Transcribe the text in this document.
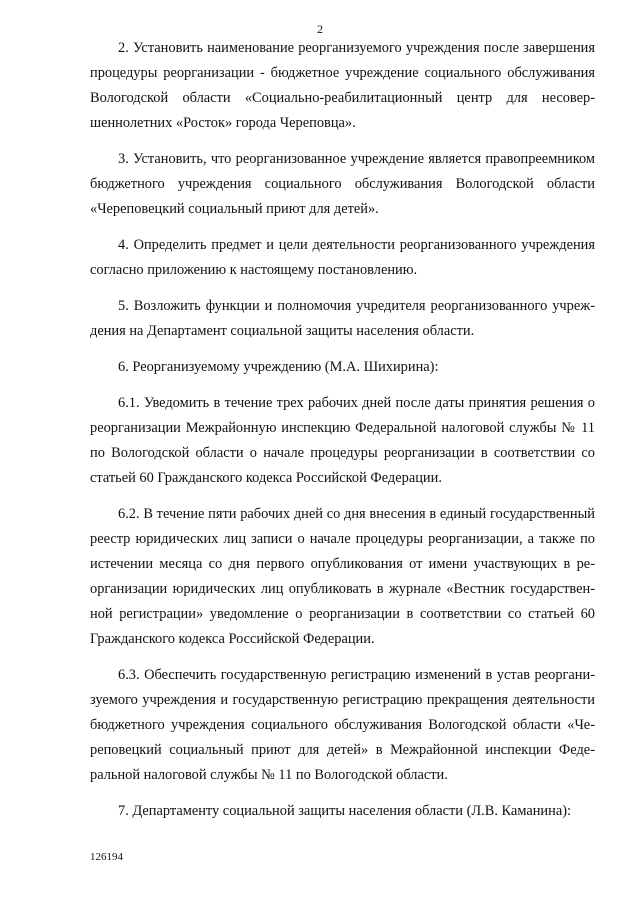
2

2. Установить наименование реорганизуемого учреждения после завершения процедуры реорганизации - бюджетное учреждение социального обслуживания Вологодской области «Социально-реабилитационный центр для несовершеннолетних «Росток» города Череповца».

3. Установить, что реорганизованное учреждение является правопреемником бюджетного учреждения социального обслуживания Вологодской области «Череповецкий социальный приют для детей».

4. Определить предмет и цели деятельности реорганизованного учреждения согласно приложению к настоящему постановлению.

5. Возложить функции и полномочия учредителя реорганизованного учреждения на Департамент социальной защиты населения области.

6. Реорганизуемому учреждению (М.А. Шихирина):

6.1. Уведомить в течение трех рабочих дней после даты принятия решения о реорганизации Межрайонную инспекцию Федеральной налоговой службы № 11 по Вологодской области о начале процедуры реорганизации в соответствии со статьей 60 Гражданского кодекса Российской Федерации.

6.2. В течение пяти рабочих дней со дня внесения в единый государственный реестр юридических лиц записи о начале процедуры реорганизации, а также по истечении месяца со дня первого опубликования от имени участвующих в реорганизации юридических лиц опубликовать в журнале «Вестник государственной регистрации» уведомление о реорганизации в соответствии со статьей 60 Гражданского кодекса Российской Федерации.

6.3. Обеспечить государственную регистрацию изменений в устав реорганизуемого учреждения и государственную регистрацию прекращения деятельности бюджетного учреждения социального обслуживания Вологодской области «Череповецкий социальный приют для детей» в Межрайонной инспекции Федеральной налоговой службы № 11 по Вологодской области.

7. Департаменту социальной защиты населения области (Л.В. Каманина):

126194
